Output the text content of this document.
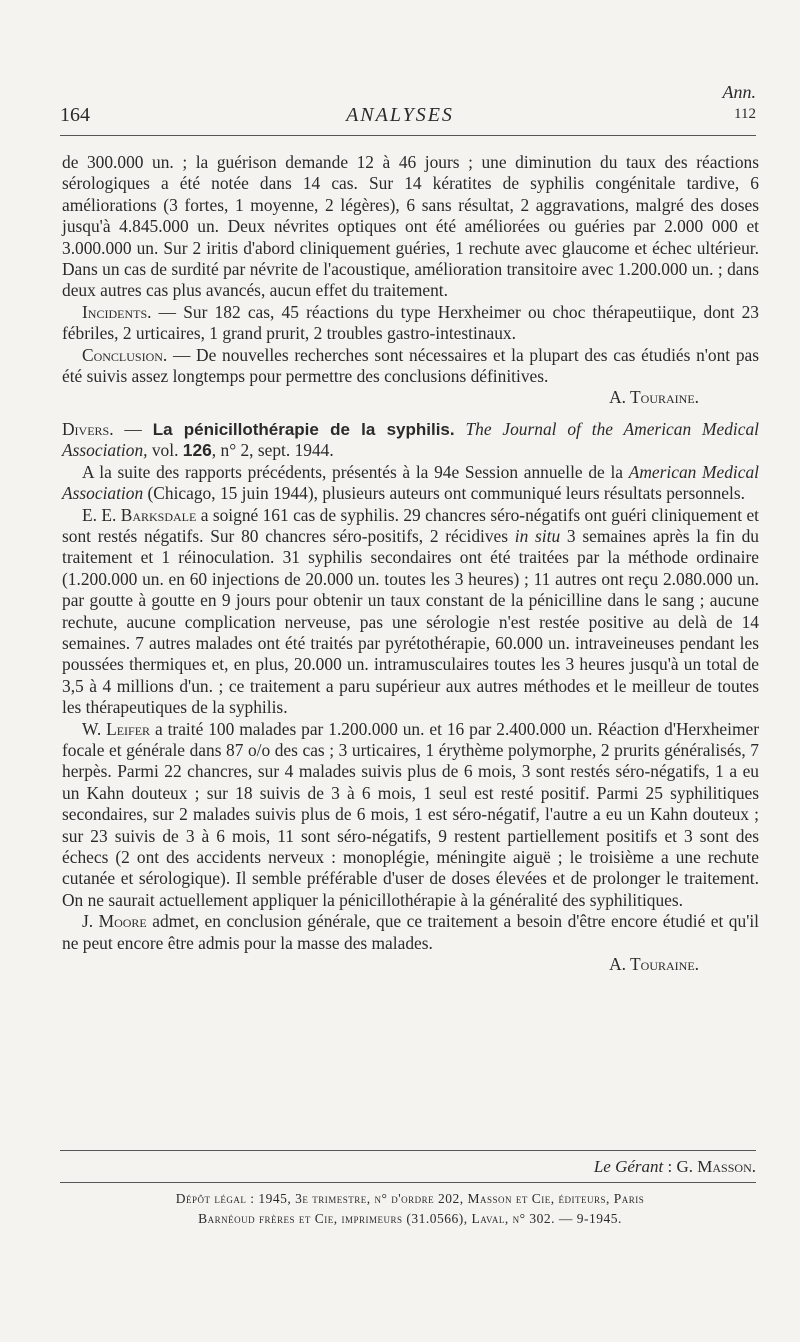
Ann.
164	ANALYSES	112

de 300.000 un. ; la guérison demande 12 à 46 jours ; une diminution du taux des réactions sérologiques a été notée dans 14 cas. Sur 14 kératites de syphilis congénitale tardive, 6 améliorations (3 fortes, 1 moyenne, 2 légères), 6 sans résultat, 2 aggravations, malgré des doses jusqu'à 4.845.000 un. Deux névrites optiques ont été améliorées ou guéries par 2.000 000 et 3.000.000 un. Sur 2 iritis d'abord cliniquement guéries, 1 rechute avec glaucome et échec ultérieur. Dans un cas de surdité par névrite de l'acoustique, amélioration transitoire avec 1.200.000 un. ; dans deux autres cas plus avancés, aucun effet du traitement.

Incidents. — Sur 182 cas, 45 réactions du type Herxheimer ou choc thérapeutiique, dont 23 fébriles, 2 urticaires, 1 grand prurit, 2 troubles gastro-intestinaux.

Conclusion. — De nouvelles recherches sont nécessaires et la plupart des cas étudiés n'ont pas été suivis assez longtemps pour permettre des conclusions définitives.

A. Touraine.

Divers. — La pénicillothérapie de la syphilis. The Journal of the American Medical Association, vol. 126, n° 2, sept. 1944.

A la suite des rapports précédents, présentés à la 94e Session annuelle de la American Medical Association (Chicago, 15 juin 1944), plusieurs auteurs ont communiqué leurs résultats personnels.

E. E. Barksdale a soigné 161 cas de syphilis. 29 chancres séro-négatifs ont guéri cliniquement et sont restés négatifs. Sur 80 chancres séro-positifs, 2 récidives in situ 3 semaines après la fin du traitement et 1 réinoculation. 31 syphilis secondaires ont été traitées par la méthode ordinaire (1.200.000 un. en 60 injections de 20.000 un. toutes les 3 heures) ; 11 autres ont reçu 2.080.000 un. par goutte à goutte en 9 jours pour obtenir un taux constant de la pénicilline dans le sang ; aucune rechute, aucune complication nerveuse, pas une sérologie n'est restée positive au delà de 14 semaines. 7 autres malades ont été traités par pyrétothérapie, 60.000 un. intraveineuses pendant les poussées thermiques et, en plus, 20.000 un. intramusculaires toutes les 3 heures jusqu'à un total de 3,5 à 4 millions d'un. ; ce traitement a paru supérieur aux autres méthodes et le meilleur de toutes les thérapeutiques de la syphilis.

W. Leifer a traité 100 malades par 1.200.000 un. et 16 par 2.400.000 un. Réaction d'Herxheimer focale et générale dans 87 o/o des cas ; 3 urticaires, 1 érythème polymorphe, 2 prurits généralisés, 7 herpès. Parmi 22 chancres, sur 4 malades suivis plus de 6 mois, 3 sont restés séro-négatifs, 1 a eu un Kahn douteux ; sur 18 suivis de 3 à 6 mois, 1 seul est resté positif. Parmi 25 syphilitiques secondaires, sur 2 malades suivis plus de 6 mois, 1 est séro-négatif, l'autre a eu un Kahn douteux ; sur 23 suivis de 3 à 6 mois, 11 sont séro-négatifs, 9 restent partiellement positifs et 3 sont des échecs (2 ont des accidents nerveux : monoplégie, méningite aiguë ; le troisième a une rechute cutanée et sérologique). Il semble préférable d'user de doses élevées et de prolonger le traitement. On ne saurait actuellement appliquer la pénicillothérapie à la généralité des syphilitiques.

J. Moore admet, en conclusion générale, que ce traitement a besoin d'être encore étudié et qu'il ne peut encore être admis pour la masse des malades.

A. Touraine.

Le Gérant : G. Masson.
Dépôt légal : 1945, 3e trimestre, n° d'ordre 202, Masson et Cie, éditeurs, Paris
Barnéoud frères et Cie, imprimeurs (31.0566), Laval, n° 302. — 9-1945.
